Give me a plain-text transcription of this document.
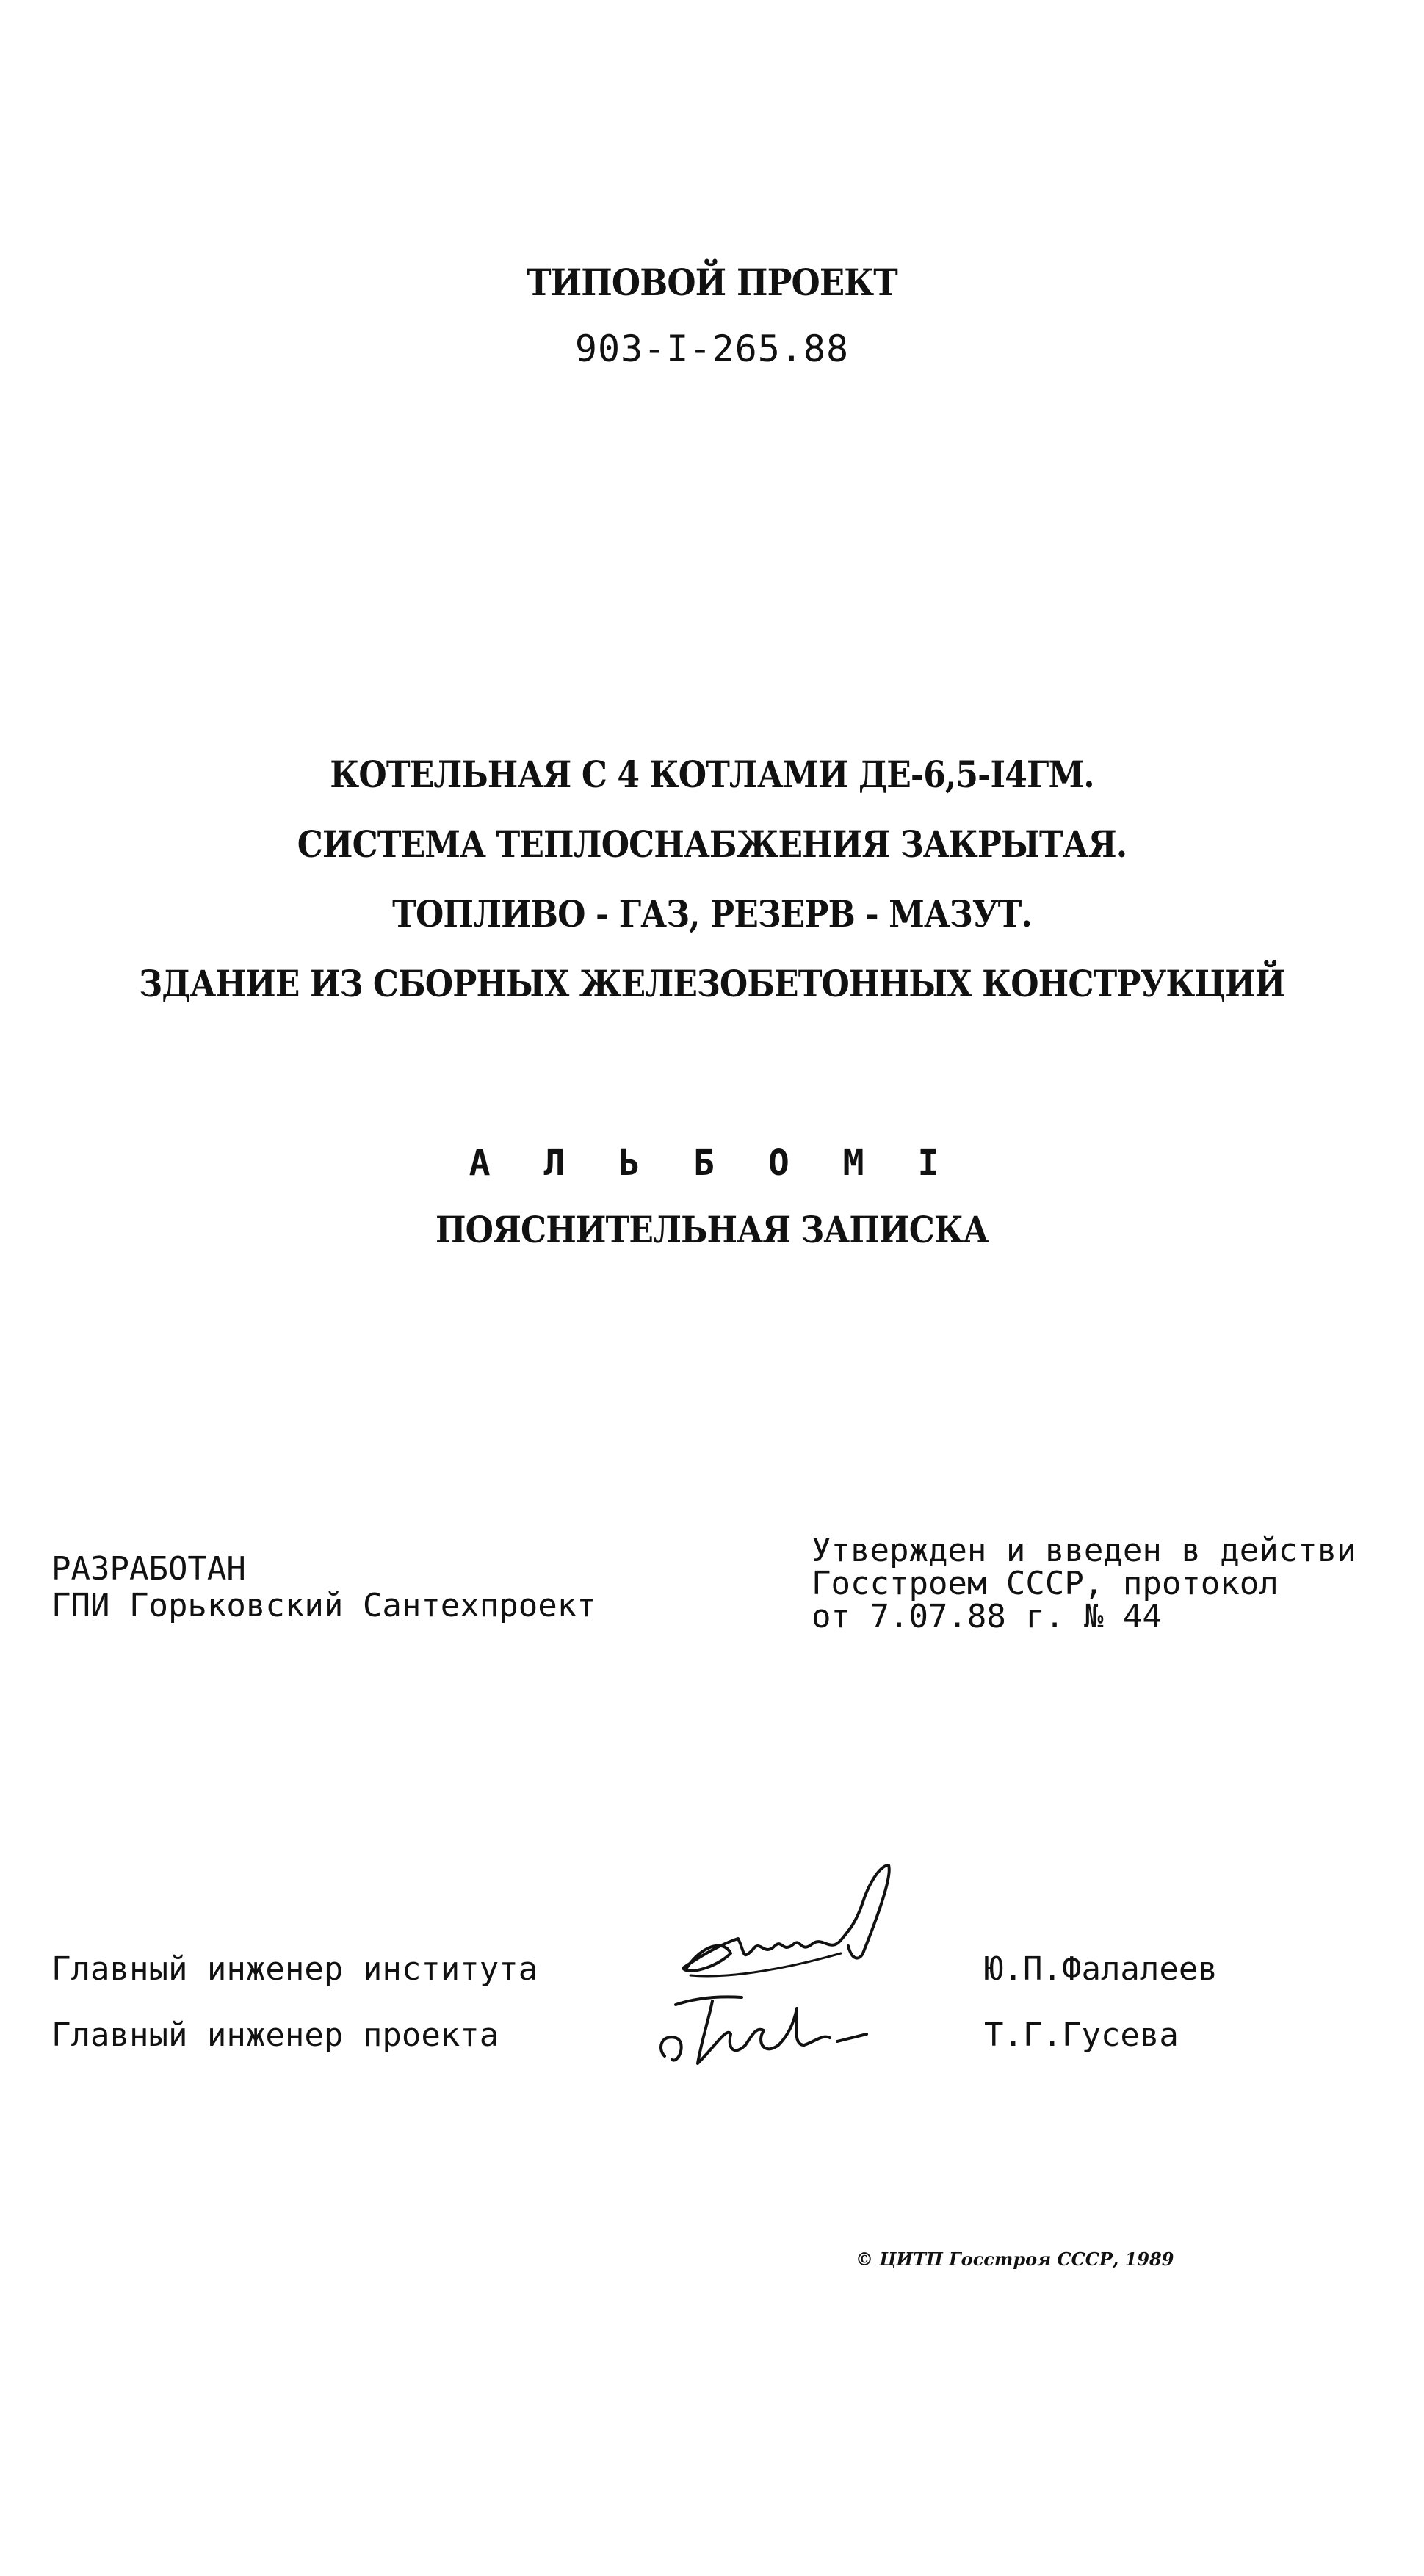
ТИПОВОЙ ПРОЕКТ
903-I-265.88
КОТЕЛЬНАЯ С 4 КОТЛАМИ ДЕ-6,5-I4ГМ.
СИСТЕМА ТЕПЛОСНАБЖЕНИЯ ЗАКРЫТАЯ.
ТОПЛИВО - ГАЗ, РЕЗЕРВ - МАЗУТ.
ЗДАНИЕ ИЗ СБОРНЫХ ЖЕЛЕЗОБЕТОННЫХ КОНСТРУКЦИЙ
А Л Ь Б О М I
ПОЯСНИТЕЛЬНАЯ ЗАПИСКА
РАЗРАБОТАН
ГПИ Горьковский Сантехпроект
Утвержден и введен в действи
Госстроем СССР, протокол
от 7.07.88 г. № 44
Главный инженер института
Главный инженер проекта
Ю.П.Фалалеев
Т.Г.Гусева
© ЦИТП Госстроя СССР, 1989
